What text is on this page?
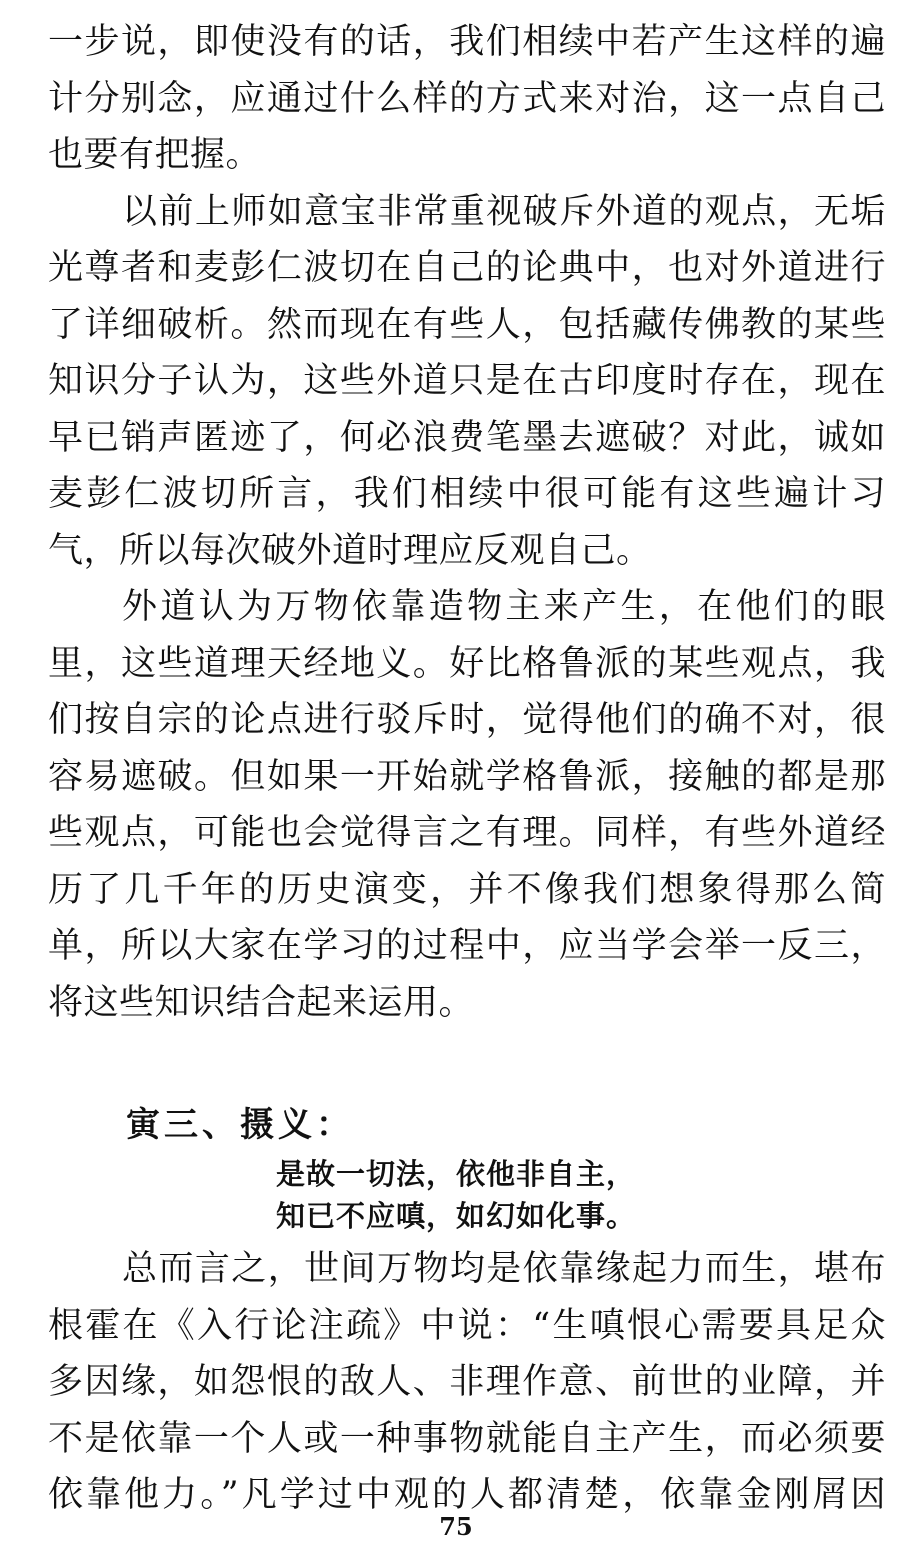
一步说，即使没有的话，我们相续中若产生这样的遍
计分别念，应通过什么样的方式来对治，这一点自己
也要有把握。
以前上师如意宝非常重视破斥外道的观点，无垢
光尊者和麦彭仁波切在自己的论典中，也对外道进行
了详细破析。然而现在有些人，包括藏传佛教的某些
知识分子认为，这些外道只是在古印度时存在，现在
早已销声匿迹了，何必浪费笔墨去遮破？对此，诚如
麦彭仁波切所言，我们相续中很可能有这些遍计习
气，所以每次破外道时理应反观自己。
外道认为万物依靠造物主来产生，在他们的眼
里，这些道理天经地义。好比格鲁派的某些观点，我
们按自宗的论点进行驳斥时，觉得他们的确不对，很
容易遮破。但如果一开始就学格鲁派，接触的都是那
些观点，可能也会觉得言之有理。同样，有些外道经
历了几千年的历史演变，并不像我们想象得那么简
单，所以大家在学习的过程中，应当学会举一反三，
将这些知识结合起来运用。
寅三、摄义：
是故一切法，依他非自主，
知已不应嗔，如幻如化事。
总而言之，世间万物均是依靠缘起力而生，堪布
根霍在《入行论注疏》中说：“生嗔恨心需要具足众
多因缘，如怨恨的敌人、非理作意、前世的业障，并
不是依靠一个人或一种事物就能自主产生，而必须要
依靠他力。”凡学过中观的人都清楚，依靠金刚屑因
75
